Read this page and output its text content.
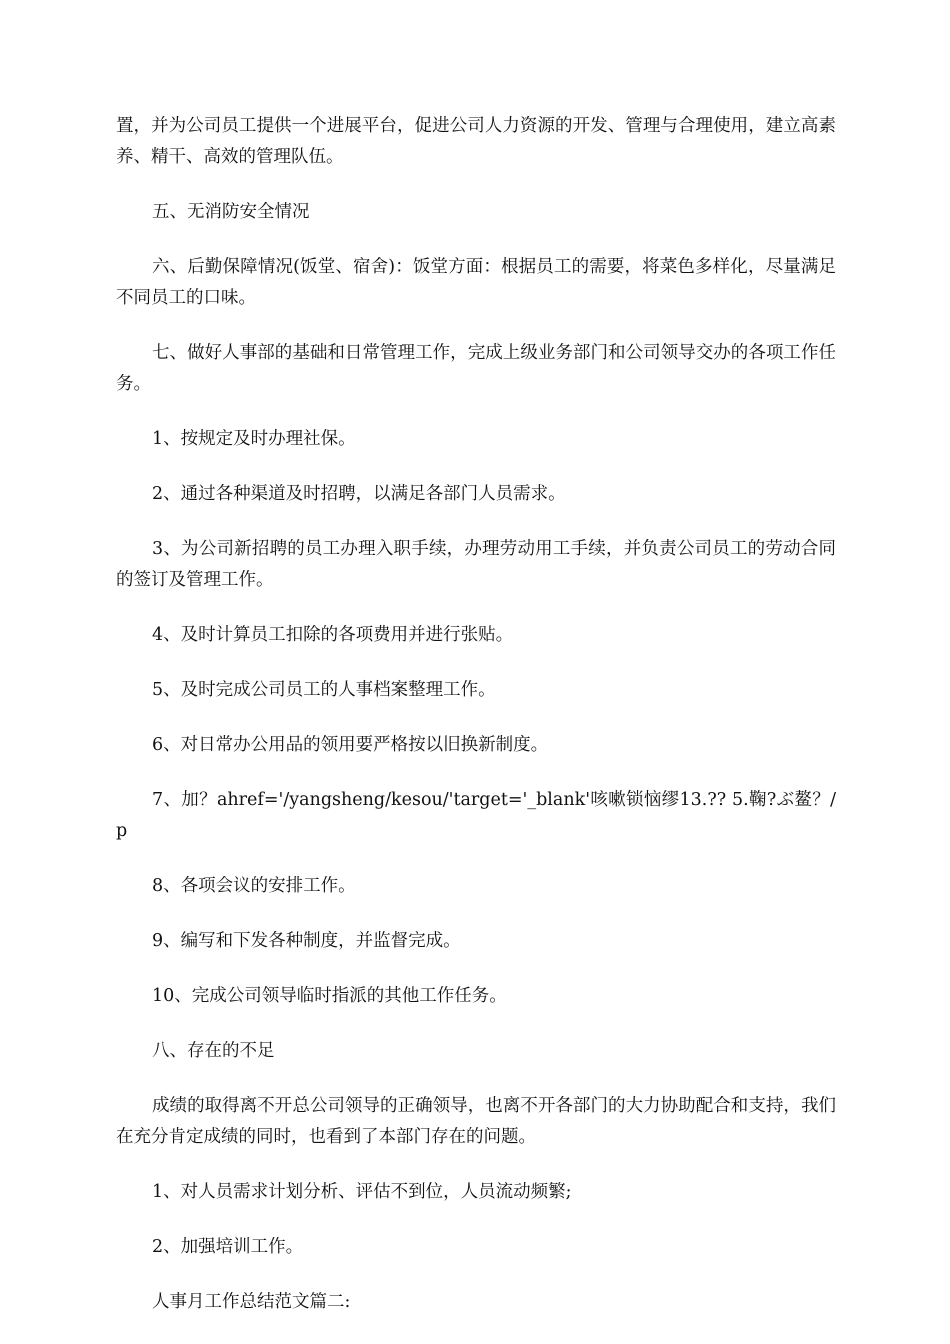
置，并为公司员工提供一个进展平台，促进公司人力资源的开发、管理与合理使用，建立高素养、精干、高效的管理队伍。

五、无消防安全情况

六、后勤保障情况(饭堂、宿舍)：饭堂方面：根据员工的需要，将菜色多样化，尽量满足不同员工的口味。

七、做好人事部的基础和日常管理工作，完成上级业务部门和公司领导交办的各项工作任务。

1、按规定及时办理社保。

2、通过各种渠道及时招聘，以满足各部门人员需求。

3、为公司新招聘的员工办理入职手续，办理劳动用工手续，并负责公司员工的劳动合同的签订及管理工作。

4、及时计算员工扣除的各项费用并进行张贴。

5、及时完成公司员工的人事档案整理工作。

6、对日常办公用品的领用要严格按以旧换新制度。

7、加？ahref='/yangsheng/kesou/'target='_blank'咳嗽锁恼缪13.?? 5.鞠?ぶ鳌？/p

8、各项会议的安排工作。

9、编写和下发各种制度，并监督完成。

10、完成公司领导临时指派的其他工作任务。

八、存在的不足

成绩的取得离不开总公司领导的正确领导，也离不开各部门的大力协助配合和支持，我们在充分肯定成绩的同时，也看到了本部门存在的问题。

1、对人员需求计划分析、评估不到位，人员流动频繁;

2、加强培训工作。

人事月工作总结范文篇二:
